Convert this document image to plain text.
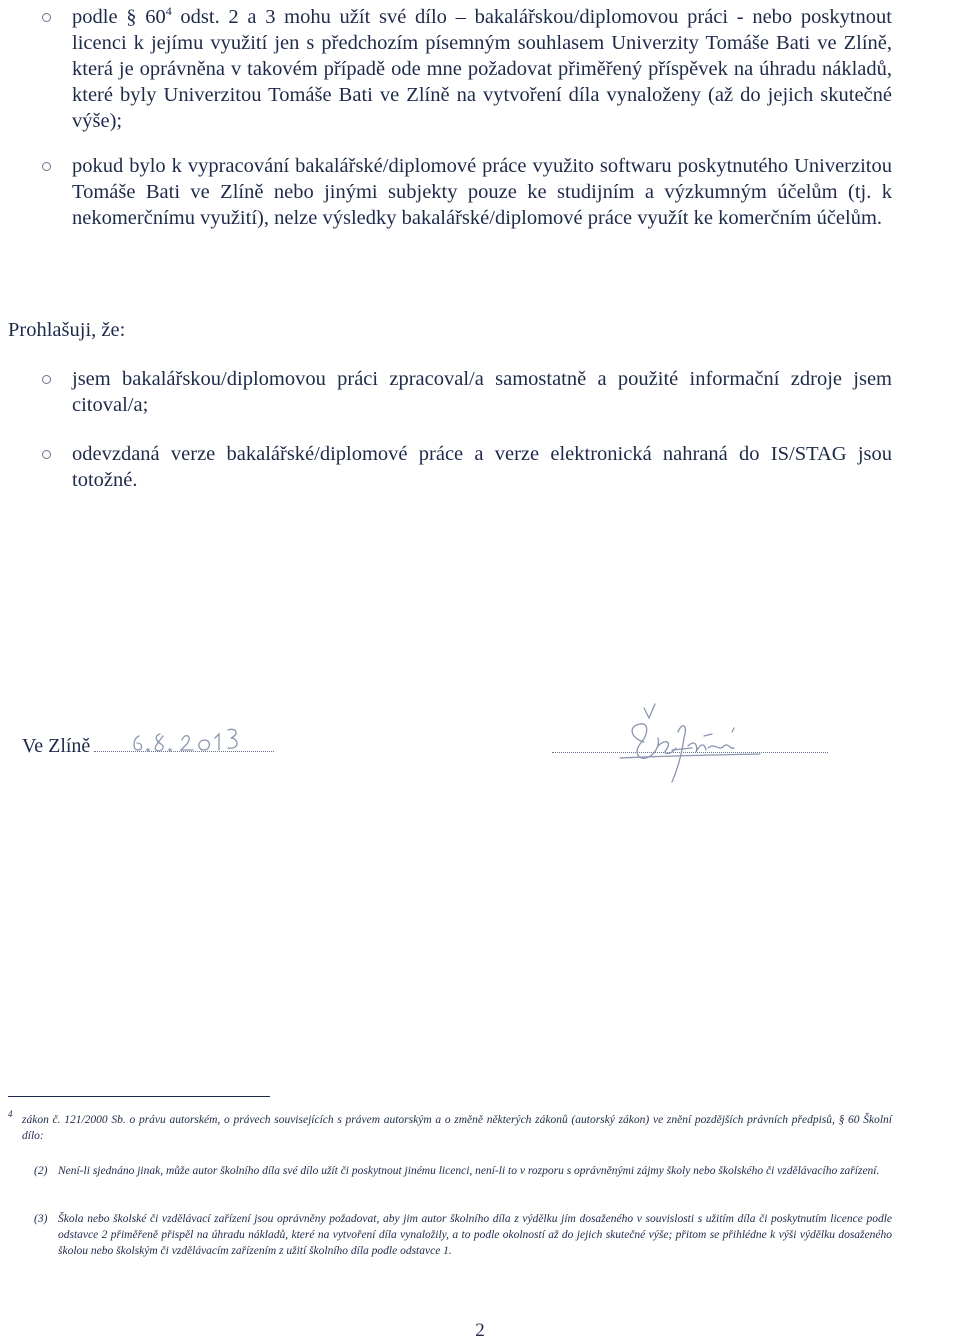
podle § $60^4$ odst. 2 a 3 mohu užít své dílo – bakalářskou/diplomovou práci - nebo poskytnout licenci k jejímu využití jen s předchozím písemným souhlasem Univerzity Tomáše Bati ve Zlíně, která je oprávněna v takovém případě ode mne požadovat přiměřený příspěvek na úhradu nákladů, které byly Univerzitou Tomáše Bati ve Zlíně na vytvoření díla vynaloženy (až do jejich skutečné výše);
pokud bylo k vypracování bakalářské/diplomové práce využito softwaru poskytnutého Univerzitou Tomáše Bati ve Zlíně nebo jinými subjekty pouze ke studijním a výzkumným účelům (tj. k nekomerčnímu využití), nelze výsledky bakalářské/diplomové práce využít ke komerčním účelům.
Prohlašuji, že:
jsem bakalářskou/diplomovou práci zpracoval/a samostatně a použité informační zdroje jsem citoval/a;
odevzdaná verze bakalářské/diplomové práce a verze elektronická nahraná do IS/STAG jsou totožné.
Ve Zlíně
4 zákon č. 121/2000 Sb. o právu autorském, o právech souvisejících s právem autorským a o změně některých zákonů (autorský zákon) ve znění pozdějších právních předpisů, § 60 Školní dílo:
(2) Není-li sjednáno jinak, může autor školního díla své dílo užít či poskytnout jinému licenci, není-li to v rozporu s oprávněnými zájmy školy nebo školského či vzdělávacího zařízení.
(3) Škola nebo školské či vzdělávací zařízení jsou oprávněny požadovat, aby jim autor školního díla z výdělku jím dosaženého v souvislosti s užitím díla či poskytnutím licence podle odstavce 2 přiměřeně přispěl na úhradu nákladů, které na vytvoření díla vynaložily, a to podle okolností až do jejich skutečné výše; přitom se přihlédne k výši výdělku dosaženého školou nebo školským či vzdělávacím zařízením z užití školního díla podle odstavce 1.
2
